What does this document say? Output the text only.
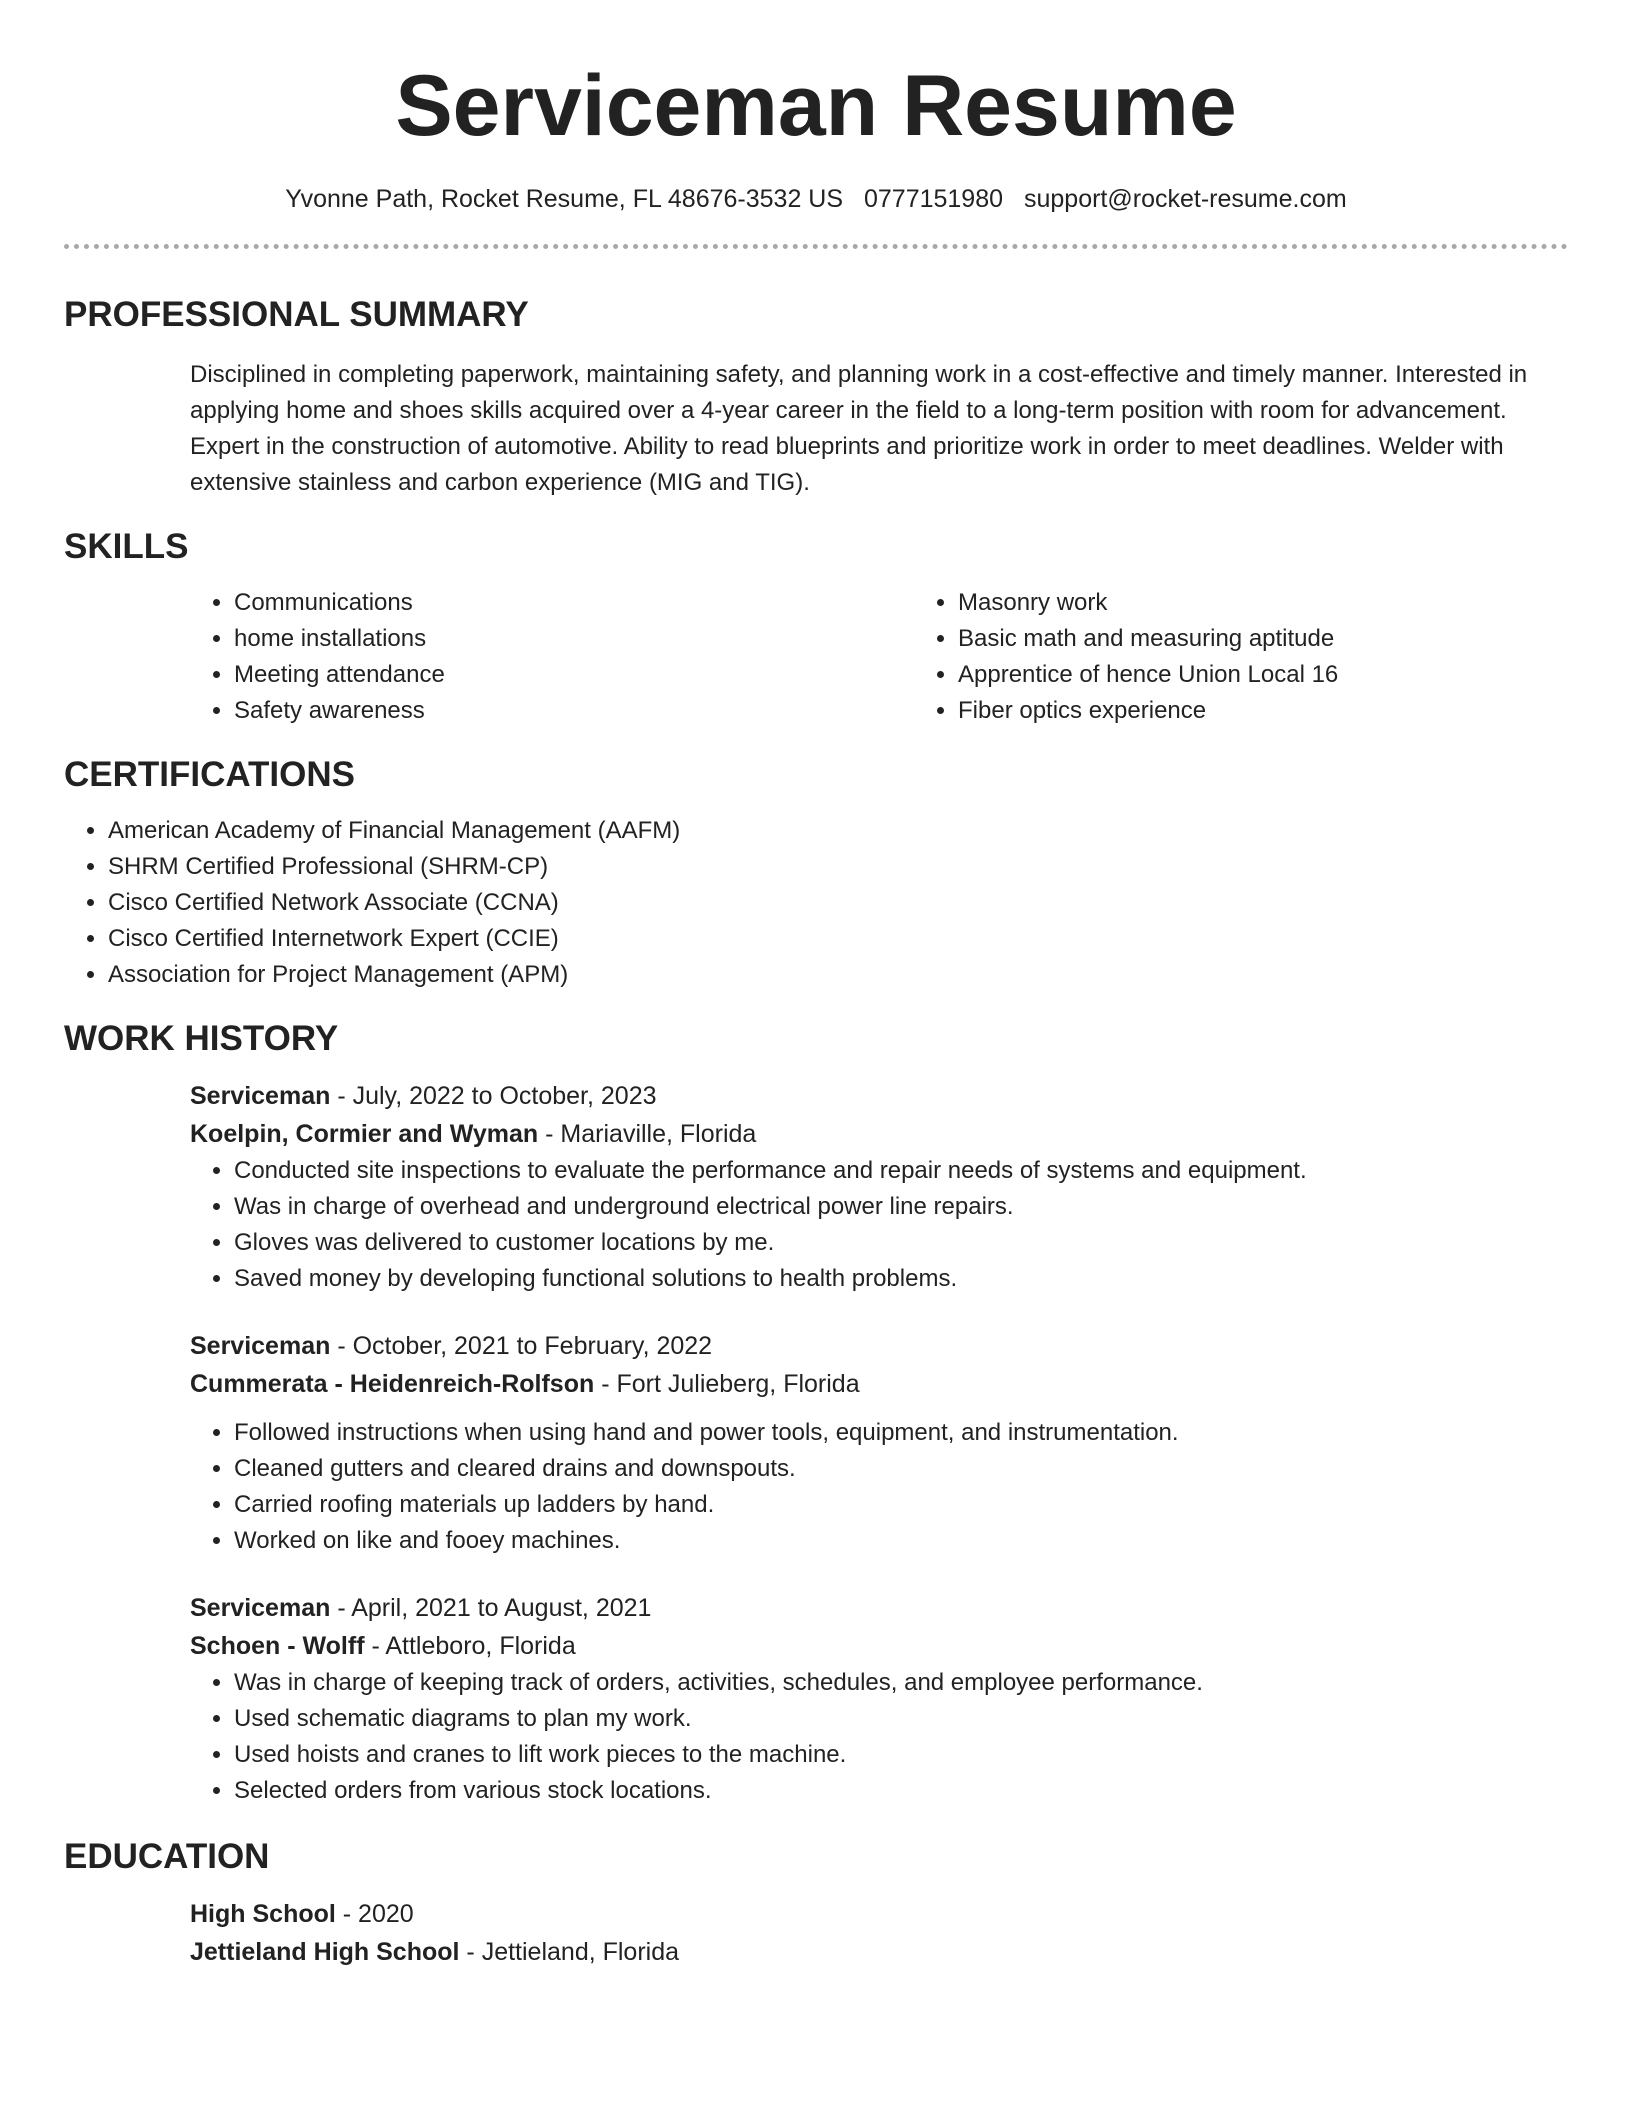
Serviceman Resume
Yvonne Path, Rocket Resume, FL 48676-3532 US 0777151980 support@rocket-resume.com
PROFESSIONAL SUMMARY
Disciplined in completing paperwork, maintaining safety, and planning work in a cost-effective and timely manner. Interested in applying home and shoes skills acquired over a 4-year career in the field to a long-term position with room for advancement. Expert in the construction of automotive. Ability to read blueprints and prioritize work in order to meet deadlines. Welder with extensive stainless and carbon experience (MIG and TIG).
SKILLS
• Communications
• home installations
• Meeting attendance
• Safety awareness
• Masonry work
• Basic math and measuring aptitude
• Apprentice of hence Union Local 16
• Fiber optics experience
CERTIFICATIONS
• American Academy of Financial Management (AAFM)
• SHRM Certified Professional (SHRM-CP)
• Cisco Certified Network Associate (CCNA)
• Cisco Certified Internetwork Expert (CCIE)
• Association for Project Management (APM)
WORK HISTORY
Serviceman - July, 2022 to October, 2023
Koelpin, Cormier and Wyman - Mariaville, Florida
• Conducted site inspections to evaluate the performance and repair needs of systems and equipment.
• Was in charge of overhead and underground electrical power line repairs.
• Gloves was delivered to customer locations by me.
• Saved money by developing functional solutions to health problems.
Serviceman - October, 2021 to February, 2022
Cummerata - Heidenreich-Rolfson - Fort Julieberg, Florida
• Followed instructions when using hand and power tools, equipment, and instrumentation.
• Cleaned gutters and cleared drains and downspouts.
• Carried roofing materials up ladders by hand.
• Worked on like and fooey machines.
Serviceman - April, 2021 to August, 2021
Schoen - Wolff - Attleboro, Florida
• Was in charge of keeping track of orders, activities, schedules, and employee performance.
• Used schematic diagrams to plan my work.
• Used hoists and cranes to lift work pieces to the machine.
• Selected orders from various stock locations.
EDUCATION
High School - 2020
Jettieland High School - Jettieland, Florida
